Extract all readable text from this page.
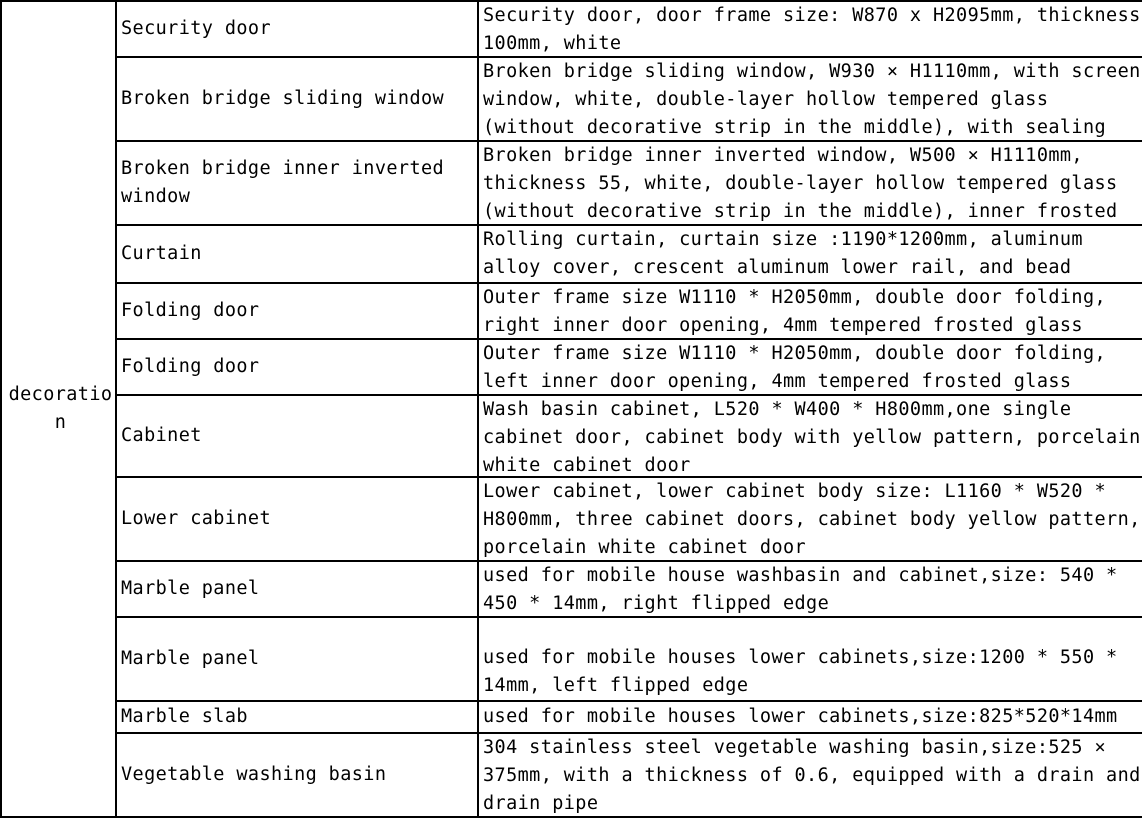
decoration	Security door	Security door, door frame size: W870 x H2095mm, thickness 100mm, white

	Broken bridge sliding window	Broken bridge sliding window, W930 × H1110mm, with screen window, white, double-layer hollow tempered glass (without decorative strip in the middle), with sealing

	Broken bridge inner inverted window	Broken bridge inner inverted window, W500 × H1110mm, thickness 55, white, double-layer hollow tempered glass (without decorative strip in the middle), inner frosted

	Curtain	Rolling curtain, curtain size :1190*1200mm, aluminum alloy cover, crescent aluminum lower rail, and bead

	Folding door	Outer frame size W1110 * H2050mm, double door folding, right inner door opening, 4mm tempered frosted glass

	Folding door	Outer frame size W1110 * H2050mm, double door folding, left inner door opening, 4mm tempered frosted glass

	Cabinet	Wash basin cabinet, L520 * W400 * H800mm,one single cabinet door, cabinet body with yellow pattern, porcelain white cabinet door

	Lower cabinet	Lower cabinet, lower cabinet body size: L1160 * W520 * H800mm, three cabinet doors, cabinet body yellow pattern, porcelain white cabinet door

	Marble panel	used for mobile house washbasin and cabinet,size: 540 * 450 * 14mm, right flipped edge

	Marble panel	used for mobile houses lower cabinets,size:1200 * 550 * 14mm, left flipped edge

	Marble slab	used for mobile houses lower cabinets,size:825*520*14mm

	Vegetable washing basin	304 stainless steel vegetable washing basin,size:525 × 375mm, with a thickness of 0.6, equipped with a drain and drain pipe
